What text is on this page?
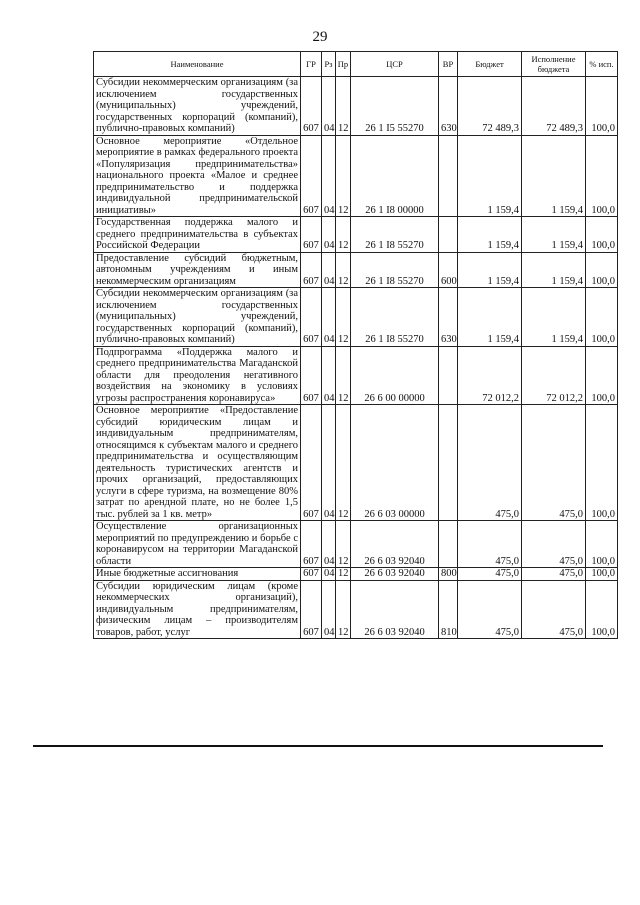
29
Наименование	ГР	Рз	Пр	ЦСР	ВР	Бюджет	Исполнение бюджета	% исп.
Субсидии некоммерческим организациям (за исключением государственных (муниципальных) учреждений, государственных корпораций (компаний), публично-правовых компаний)	607	04	12	26 1 I5 55270	630	72 489,3	72 489,3	100,0
Основное мероприятие «Отдельное мероприятие в рамках федерального проекта «Популяризация предпринимательства» национального проекта «Малое и среднее предпринимательство и поддержка индивидуальной предпринимательской инициативы»	607	04	12	26 1 I8 00000		1 159,4	1 159,4	100,0
Государственная поддержка малого и среднего предпринимательства в субъектах Российской Федерации	607	04	12	26 1 I8 55270		1 159,4	1 159,4	100,0
Предоставление субсидий бюджетным, автономным учреждениям и иным некоммерческим организациям	607	04	12	26 1 I8 55270	600	1 159,4	1 159,4	100,0
Субсидии некоммерческим организациям (за исключением государственных (муниципальных) учреждений, государственных корпораций (компаний), публично-правовых компаний)	607	04	12	26 1 I8 55270	630	1 159,4	1 159,4	100,0
Подпрограмма «Поддержка малого и среднего предпринимательства Магаданской области для преодоления негативного воздействия на экономику в условиях угрозы распространения коронавируса»	607	04	12	26 6 00 00000		72 012,2	72 012,2	100,0
Основное мероприятие «Предоставление субсидий юридическим лицам и индивидуальным предпринимателям, относящимся к субъектам малого и среднего предпринимательства и осуществляющим деятельность туристических агентств и прочих организаций, предоставляющих услуги в сфере туризма, на возмещение 80% затрат по арендной плате, но не более 1,5 тыс. рублей за 1 кв. метр»	607	04	12	26 6 03 00000		475,0	475,0	100,0
Осуществление организационных мероприятий по предупреждению и борьбе с коронавирусом на территории Магаданской области	607	04	12	26 6 03 92040		475,0	475,0	100,0
Иные бюджетные ассигнования	607	04	12	26 6 03 92040	800	475,0	475,0	100,0
Субсидии юридическим лицам (кроме некоммерческих организаций), индивидуальным предпринимателям, физическим лицам – производителям товаров, работ, услуг	607	04	12	26 6 03 92040	810	475,0	475,0	100,0
